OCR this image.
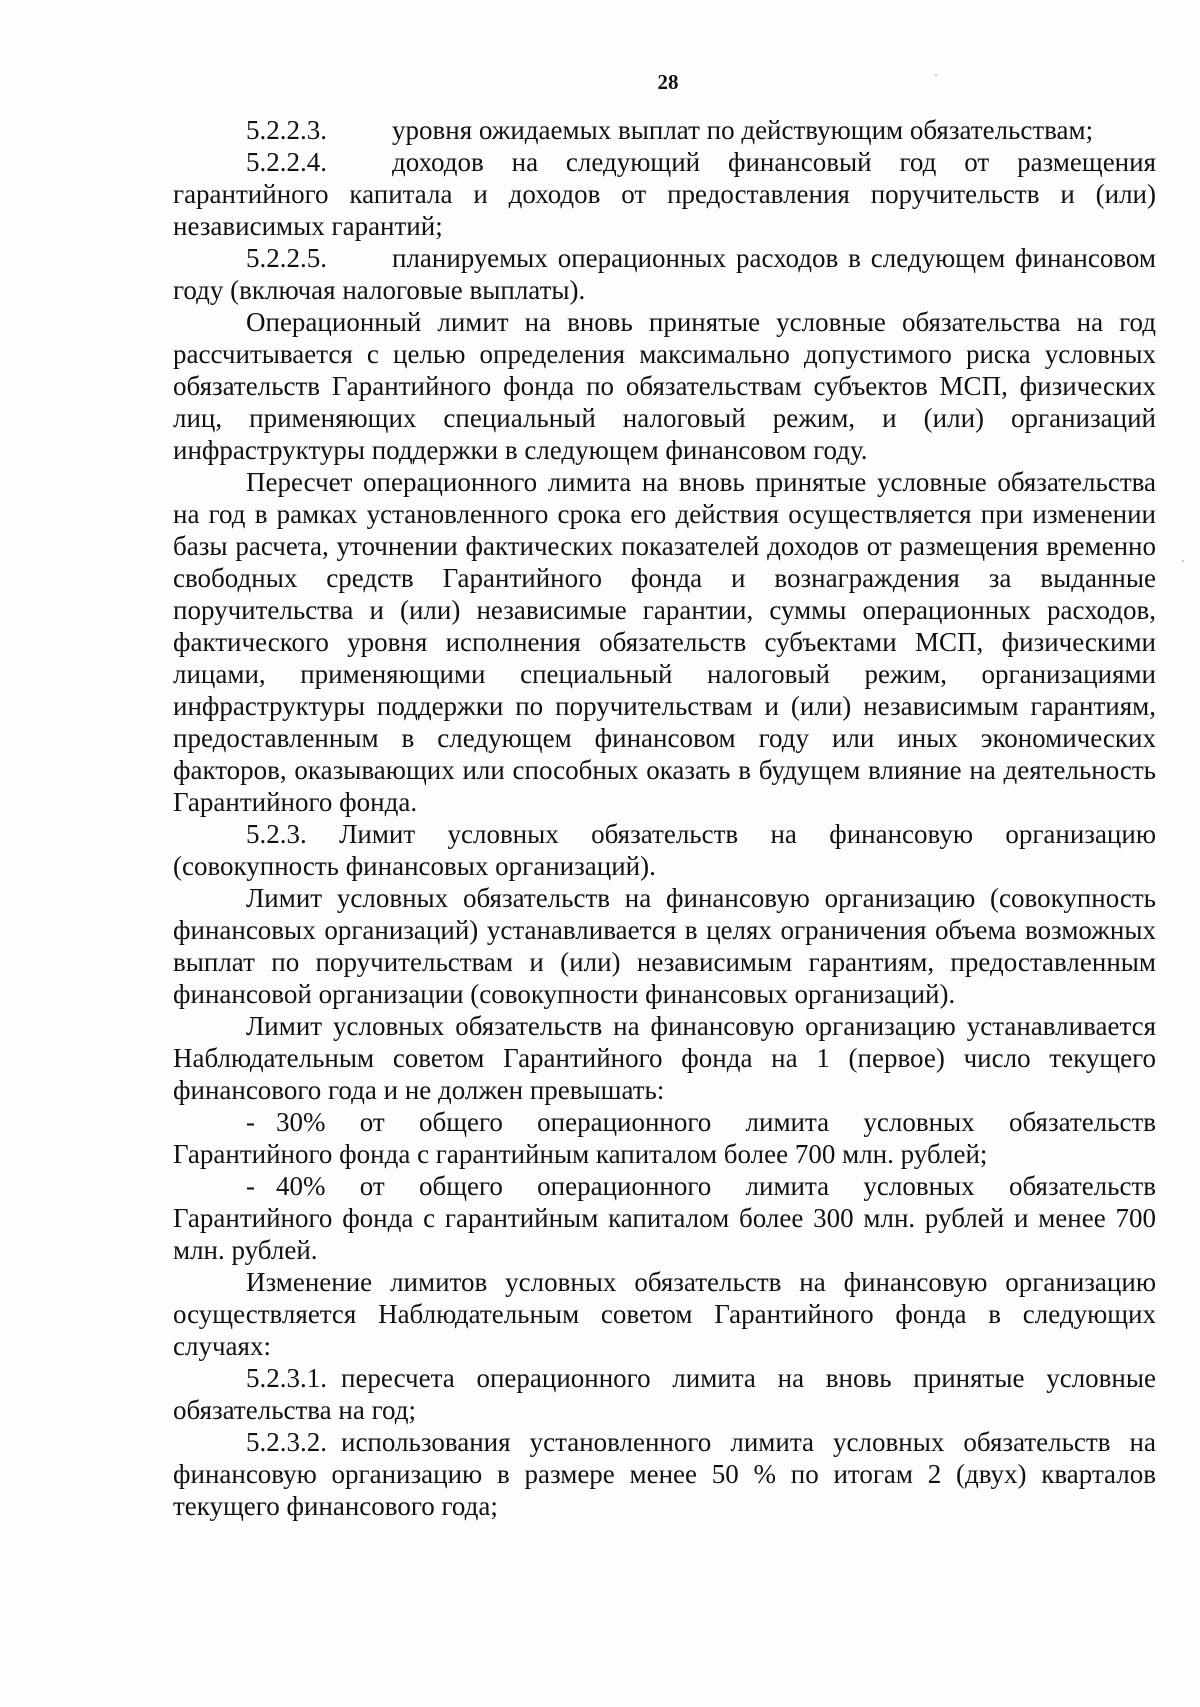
28
5.2.2.3.	уровня ожидаемых выплат по действующим обязательствам;

5.2.2.4. доходов на следующий финансовый год от размещения гарантийного капитала и доходов от предоставления поручительств и (или) независимых гарантий;

5.2.2.5. планируемых операционных расходов в следующем финансовом году (включая налоговые выплаты).

Операционный лимит на вновь принятые условные обязательства на год рассчитывается с целью определения максимально допустимого риска условных обязательств Гарантийного фонда по обязательствам субъектов МСП, физических лиц, применяющих специальный налоговый режим, и (или) организаций инфраструктуры поддержки в следующем финансовом году.

Пересчет операционного лимита на вновь принятые условные обязательства на год в рамках установленного срока его действия осуществляется при изменении базы расчета, уточнении фактических показателей доходов от размещения временно свободных средств Гарантийного фонда и вознаграждения за выданные поручительства и (или) независимые гарантии, суммы операционных расходов, фактического уровня исполнения обязательств субъектами МСП, физическими лицами, применяющими специальный налоговый режим, организациями инфраструктуры поддержки по поручительствам и (или) независимым гарантиям, предоставленным в следующем финансовом году или иных экономических факторов, оказывающих или способных оказать в будущем влияние на деятельность Гарантийного фонда.

5.2.3. Лимит условных обязательств на финансовую организацию (совокупность финансовых организаций).

Лимит условных обязательств на финансовую организацию (совокупность финансовых организаций) устанавливается в целях ограничения объема возможных выплат по поручительствам и (или) независимым гарантиям, предоставленным финансовой организации (совокупности финансовых организаций).

Лимит условных обязательств на финансовую организацию устанавливается Наблюдательным советом Гарантийного фонда на 1 (первое) число текущего финансового года и не должен превышать:

- 30% от общего операционного лимита условных обязательств Гарантийного фонда с гарантийным капиталом более 700 млн. рублей;

- 40% от общего операционного лимита условных обязательств Гарантийного фонда с гарантийным капиталом более 300 млн. рублей и менее 700 млн. рублей.

Изменение лимитов условных обязательств на финансовую организацию осуществляется Наблюдательным советом Гарантийного фонда в следующих случаях:

5.2.3.1. пересчета операционного лимита на вновь принятые условные обязательства на год;

5.2.3.2. использования установленного лимита условных обязательств на финансовую организацию в размере менее 50 % по итогам 2 (двух) кварталов текущего финансового года;
